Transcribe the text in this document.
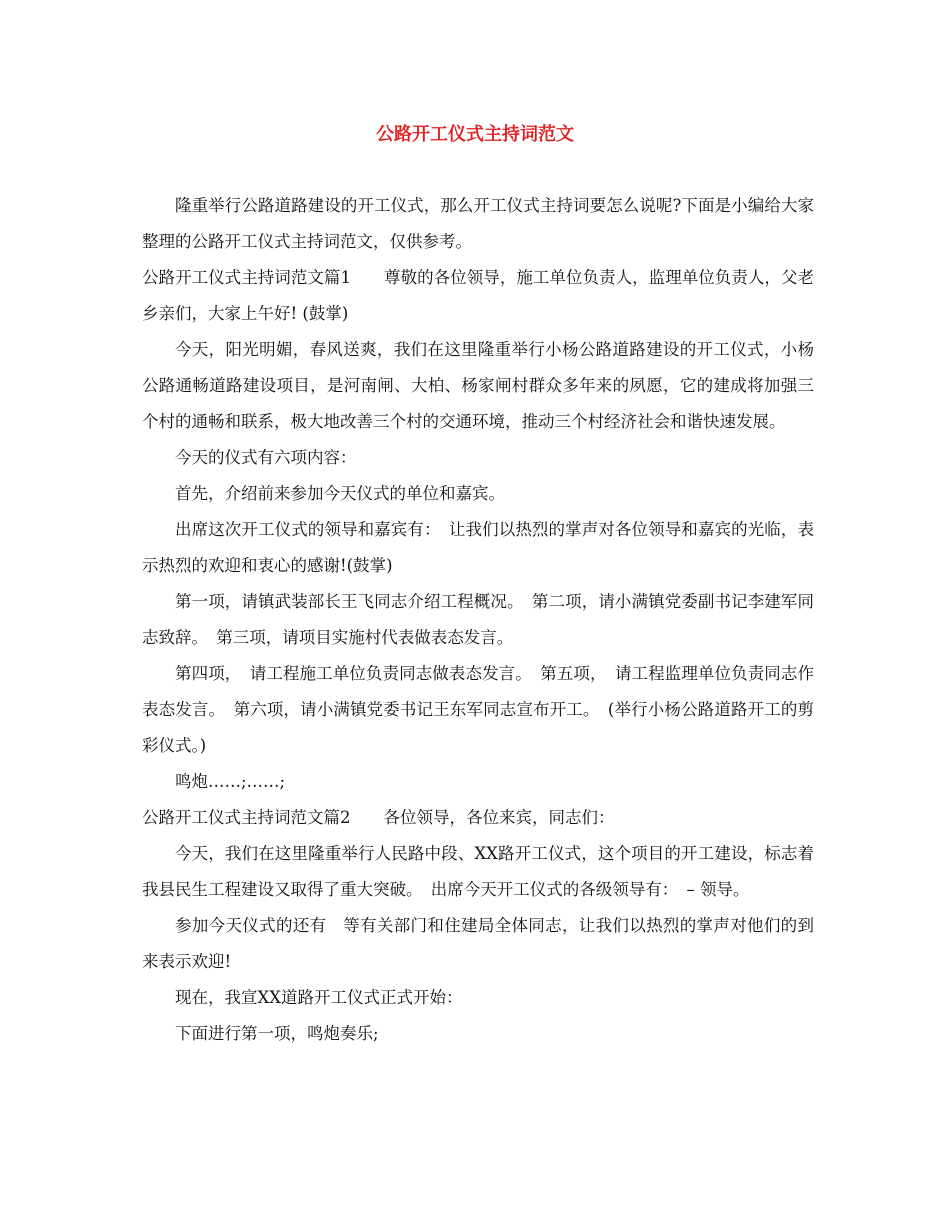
公路开工仪式主持词范文

隆重举行公路道路建设的开工仪式，那么开工仪式主持词要怎么说呢?下面是小编给大家整理的公路开工仪式主持词范文，仅供参考。

公路开工仪式主持词范文篇1　　尊敬的各位领导，施工单位负责人，监理单位负责人，父老乡亲们，大家上午好! (鼓掌)

今天，阳光明媚，春风送爽，我们在这里隆重举行小杨公路道路建设的开工仪式，小杨公路通畅道路建设项目，是河南闸、大柏、杨家闸村群众多年来的夙愿，它的建成将加强三个村的通畅和联系，极大地改善三个村的交通环境，推动三个村经济社会和谐快速发展。

今天的仪式有六项内容：

首先，介绍前来参加今天仪式的单位和嘉宾。

出席这次开工仪式的领导和嘉宾有：　让我们以热烈的掌声对各位领导和嘉宾的光临，表示热烈的欢迎和衷心的感谢!(鼓掌)

第一项，请镇武装部长王飞同志介绍工程概况。　第二项，请小满镇党委副书记李建军同志致辞。　第三项，请项目实施村代表做表态发言。

第四项，　请工程施工单位负责同志做表态发言。　第五项，　请工程监理单位负责同志作表态发言。　第六项，请小满镇党委书记王东军同志宣布开工。　(举行小杨公路道路开工的剪彩仪式。)

鸣炮……;……;

公路开工仪式主持词范文篇2　　各位领导，各位来宾，同志们：

今天，我们在这里隆重举行人民路中段、XX路开工仪式，这个项目的开工建设，标志着我县民生工程建设又取得了重大突破。　出席今天开工仪式的各级领导有：　– 领导。

参加今天仪式的还有　等有关部门和住建局全体同志，让我们以热烈的掌声对他们的到来表示欢迎!

现在，我宣XX道路开工仪式正式开始：

下面进行第一项，鸣炮奏乐;
